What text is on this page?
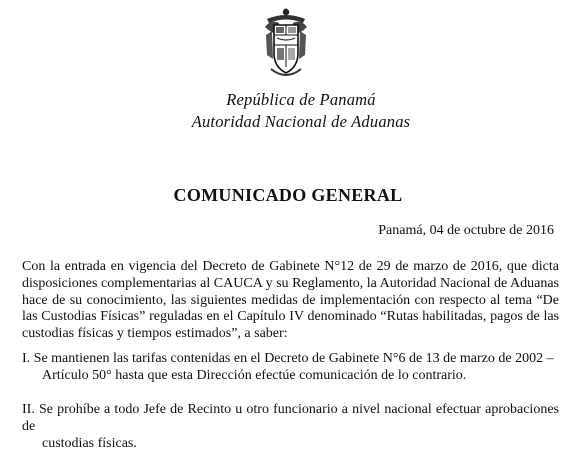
República de Panamá
Autoridad Nacional de Aduanas
COMUNICADO GENERAL
Panamá, 04 de octubre de 2016

Con la entrada en vigencia del Decreto de Gabinete N°12 de 29 de marzo de 2016, que dicta disposiciones complementarias al CAUCA y su Reglamento, la Autoridad Nacional de Aduanas hace de su conocimiento, las siguientes medidas de implementación con respecto al tema “De las Custodias Físicas” reguladas en el Capítulo IV denominado “Rutas habilitadas, pagos de las custodias físicas y tiempos estimados”, a saber:

I. Se mantienen las tarifas contenidas en el Decreto de Gabinete N°6 de 13 de marzo de 2002 –
Artículo 50° hasta que esta Dirección efectúe comunicación de lo contrario.

II. Se prohíbe a todo Jefe de Recinto u otro funcionario a nivel nacional efectuar aprobaciones de
custodias físicas.
